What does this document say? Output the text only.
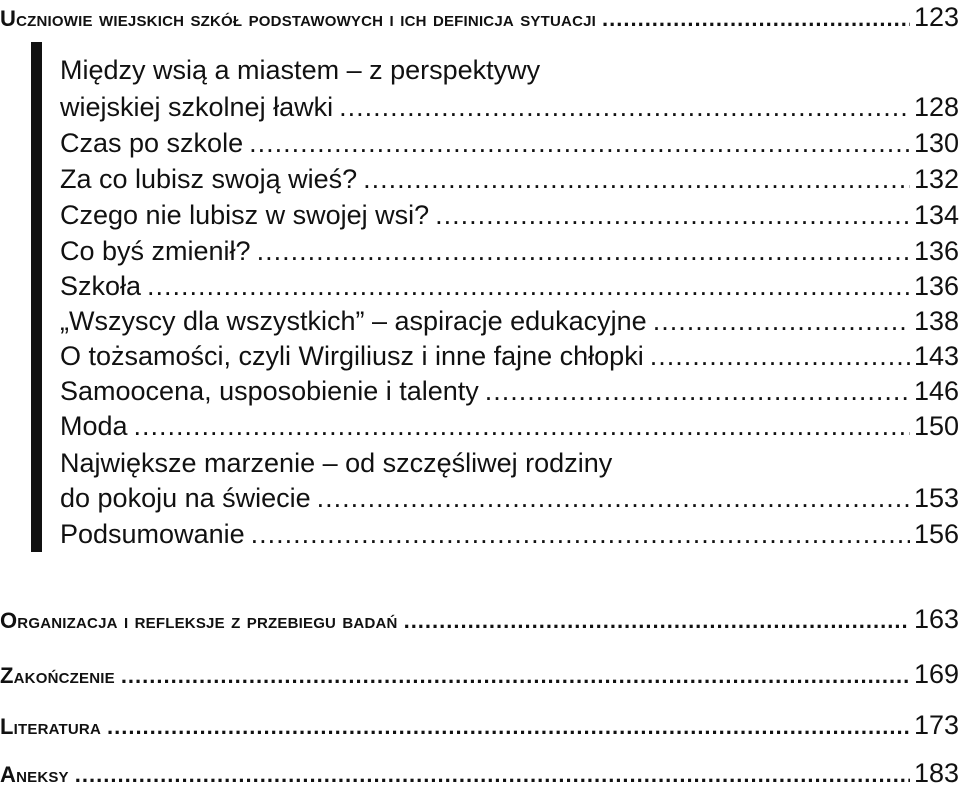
Uczniowie wiejskich szkół podstawowych i ich definicja sytuacji .....	123
Między wsią a miastem – z perspektywy
wiejskiej szkolnej ławki .....	128
Czas po szkole .....	130
Za co lubisz swoją wieś? .....	132
Czego nie lubisz w swojej wsi? .....	134
Co byś zmienił? .....	136
Szkoła .....	136
„Wszyscy dla wszystkich” – aspiracje edukacyjne .....	138
O tożsamości, czyli Wirgiliusz i inne fajne chłopki .....	143
Samoocena, usposobienie i talenty .....	146
Moda .....	150
Największe marzenie – od szczęśliwej rodziny
do pokoju na świecie .....	153
Podsumowanie .....	156
Organizacja i refleksje z przebiegu badań .....	163
Zakończenie .....	169
Literatura .....	173
Aneksy .....	183
